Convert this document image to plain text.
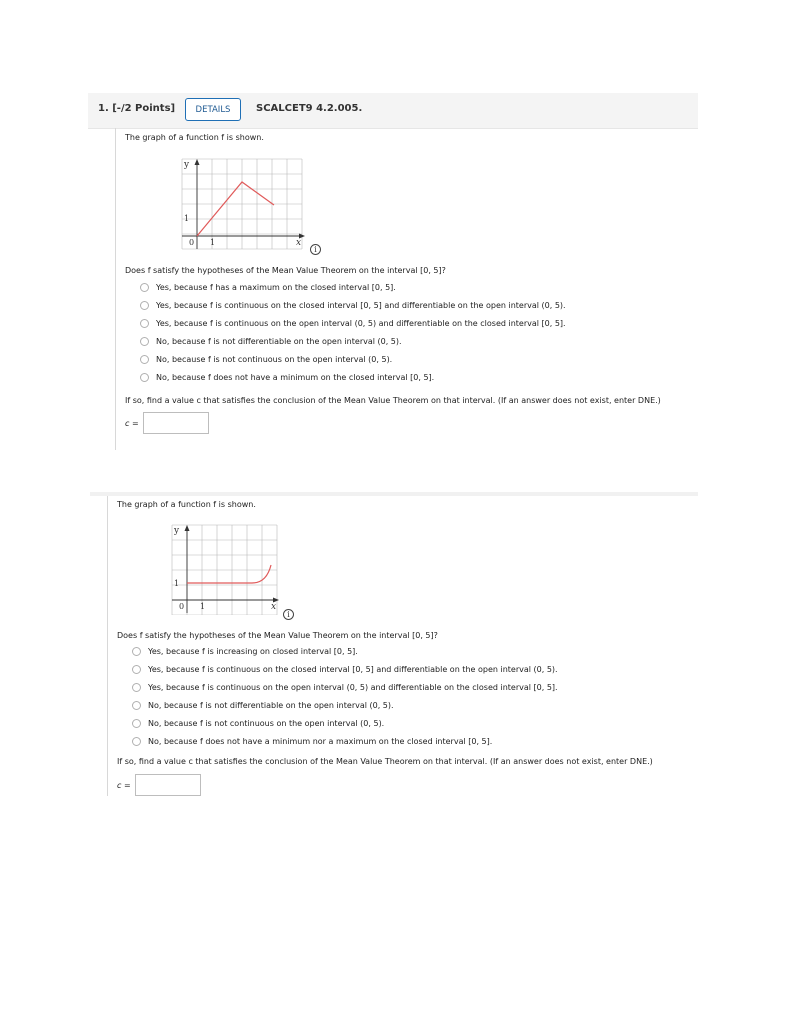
1. [-/2 Points]	DETAILS	SCALCET9 4.2.005.
The graph of a function f is shown.
y
1
0 1	x
i
Does f satisfy the hypotheses of the Mean Value Theorem on the interval [0, 5]?
Yes, because f has a maximum on the closed interval [0, 5].
Yes, because f is continuous on the closed interval [0, 5] and differentiable on the open interval (0, 5).
Yes, because f is continuous on the open interval (0, 5) and differentiable on the closed interval [0, 5].
No, because f is not differentiable on the open interval (0, 5).
No, because f is not continuous on the open interval (0, 5).
No, because f does not have a minimum on the closed interval [0, 5].
If so, find a value c that satisfies the conclusion of the Mean Value Theorem on that interval. (If an answer does not exist, enter DNE.)
c =
The graph of a function f is shown.
y
1
0 1	x
i
Does f satisfy the hypotheses of the Mean Value Theorem on the interval [0, 5]?
Yes, because f is increasing on closed interval [0, 5].
Yes, because f is continuous on the closed interval [0, 5] and differentiable on the open interval (0, 5).
Yes, because f is continuous on the open interval (0, 5) and differentiable on the closed interval [0, 5].
No, because f is not differentiable on the open interval (0, 5).
No, because f is not continuous on the open interval (0, 5).
No, because f does not have a minimum nor a maximum on the closed interval [0, 5].
If so, find a value c that satisfies the conclusion of the Mean Value Theorem on that interval. (If an answer does not exist, enter DNE.)
c =
